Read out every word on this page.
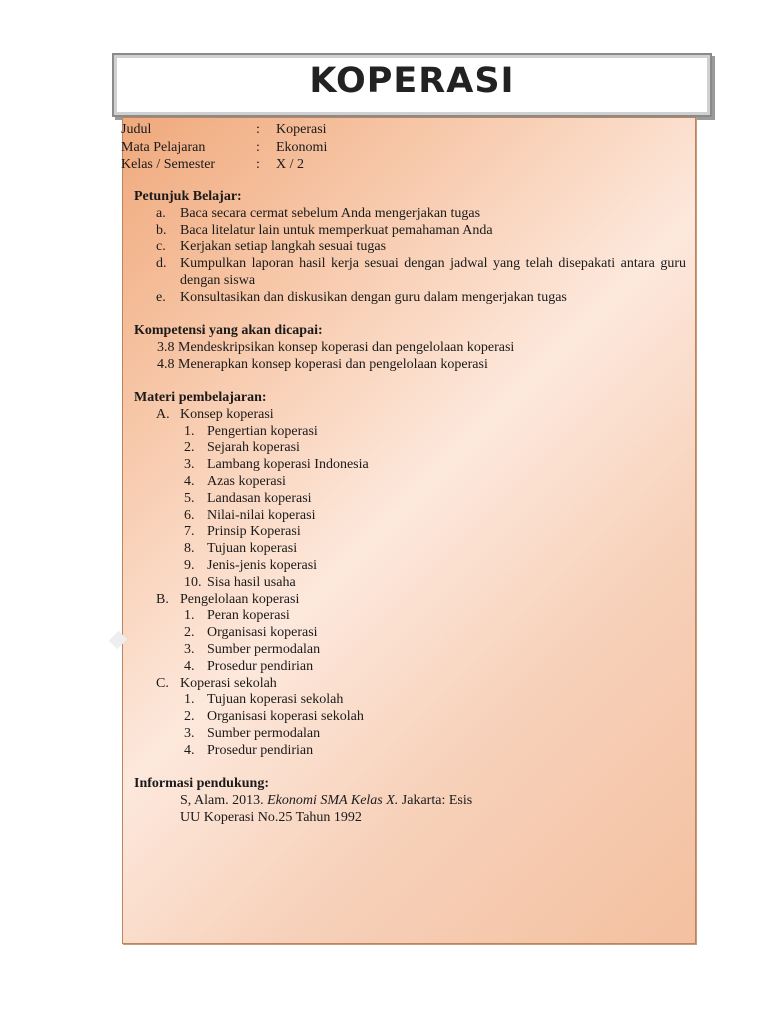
KOPERASI
Judul	: Koperasi
Mata Pelajaran	: Ekonomi
Kelas / Semester	: X / 2
Petunjuk Belajar:
a. Baca secara cermat sebelum Anda mengerjakan tugas
b. Baca litelatur lain untuk memperkuat pemahaman Anda
c. Kerjakan setiap langkah sesuai tugas
d. Kumpulkan laporan hasil kerja sesuai dengan jadwal yang telah disepakati antara guru dengan siswa
e. Konsultasikan dan diskusikan dengan guru dalam mengerjakan tugas
Kompetensi yang akan dicapai:
3.8 Mendeskripsikan konsep koperasi dan pengelolaan koperasi
4.8 Menerapkan konsep koperasi dan pengelolaan koperasi
Materi pembelajaran:
A. Konsep koperasi
1. Pengertian koperasi
2. Sejarah koperasi
3. Lambang koperasi Indonesia
4. Azas koperasi
5. Landasan koperasi
6. Nilai-nilai koperasi
7. Prinsip Koperasi
8. Tujuan koperasi
9. Jenis-jenis koperasi
10. Sisa hasil usaha
B. Pengelolaan koperasi
1. Peran koperasi
2. Organisasi koperasi
3. Sumber permodalan
4. Prosedur pendirian
C. Koperasi sekolah
1. Tujuan koperasi sekolah
2. Organisasi koperasi sekolah
3. Sumber permodalan
4. Prosedur pendirian
Informasi pendukung:
S, Alam. 2013. Ekonomi SMA Kelas X. Jakarta: Esis
UU Koperasi No.25 Tahun 1992
